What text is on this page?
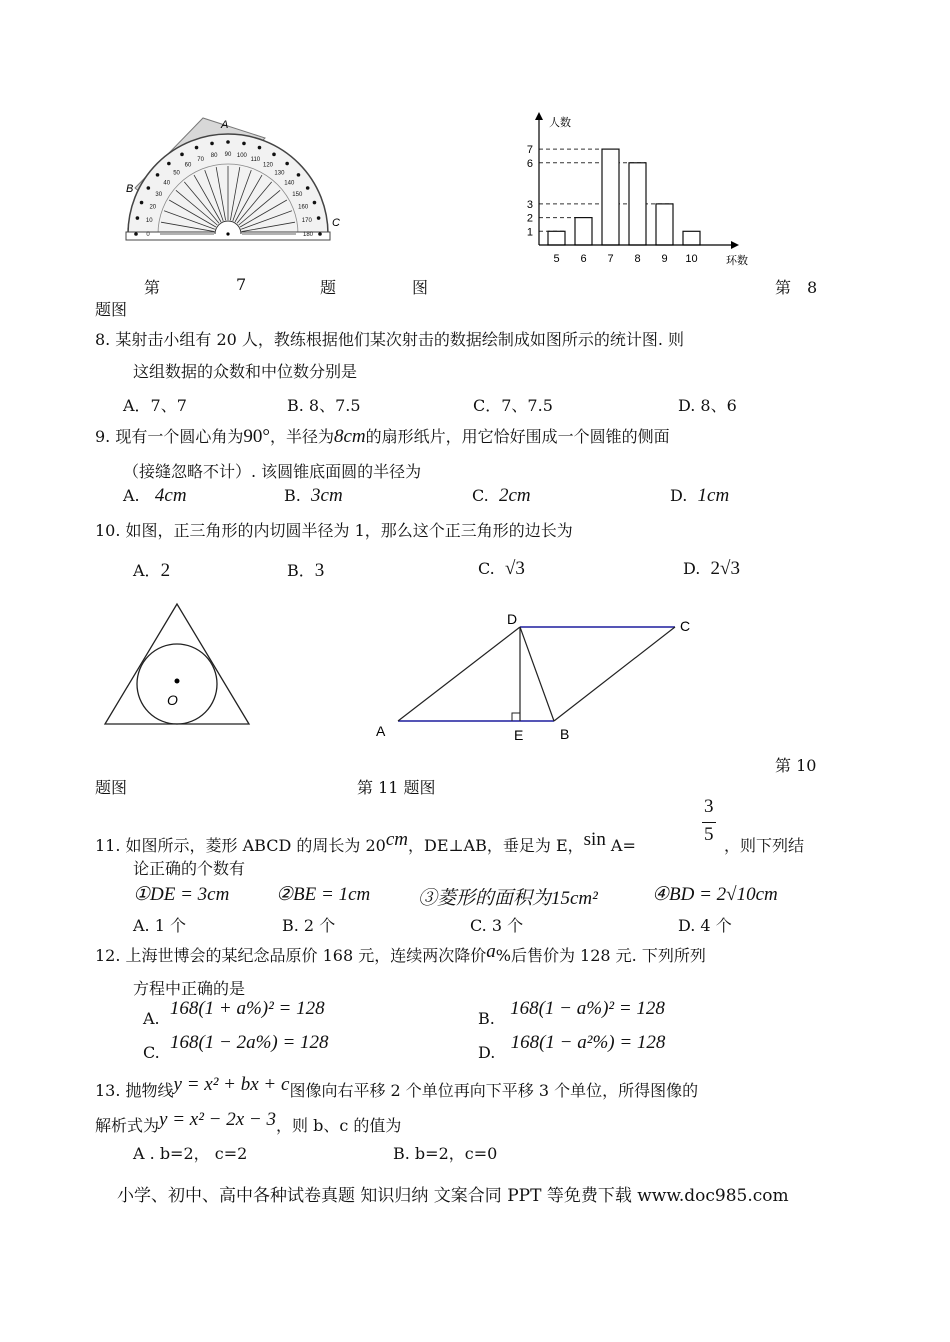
0
10
20
30
40
50
60
70
80 90 100
110
120
130
140
150
160
170
180
A
B
C
1
2
3
6
7
5 6 7 8 9 10
人数
环数
第	7	题	图	第　8
题图
8. 某射击小组有 20 人，教练根据他们某次射击的数据绘制成如图所示的统计图. 则
这组数据的众数和中位数分别是
A．7、7	B. 8、7.5	C．7、7.5	D. 8、6
9. 现有一个圆心角为90°，半径为8cm的扇形纸片，用它恰好围成一个圆锥的侧面
（接缝忽略不计）. 该圆锥底面圆的半径为
A. 4cm	B. 3cm	C. 2cm	D. 1cm
10. 如图，正三角形的内切圆半径为 1，那么这个正三角形的边长为
A．2	B．3	C. √3	D. 2√3
O
D	C
A	E	B
第 10
题图	第 11 题图
11. 如图所示，菱形 ABCD 的周长为 20cm，DE⊥AB，垂足为 E，sin A=
3
5
，则下列结
论正确的个数有
①DE = 3cm ②BE = 1cm	③菱形的面积为15cm²	④BD = 2√10cm
A. 1 个	B. 2 个	C. 3 个	D. 4 个
12. 上海世博会的某纪念品原价 168 元，连续两次降价a%后售价为 128 元. 下列所列
方程中正确的是
A. 168(1 + a%)² = 128	B. 168(1 − a%)² = 128
C. 168(1 − 2a%) = 128	D. 168(1 − a²%) = 128
13. 抛物线y = x² + bx + c图像向右平移 2 个单位再向下平移 3 个单位，所得图像的
解析式为y = x² − 2x − 3，则 b、c 的值为
A . b=2， c=2	B. b=2，c=0
小学、初中、高中各种试卷真题 知识归纳 文案合同 PPT 等免费下载 www.doc985.com
